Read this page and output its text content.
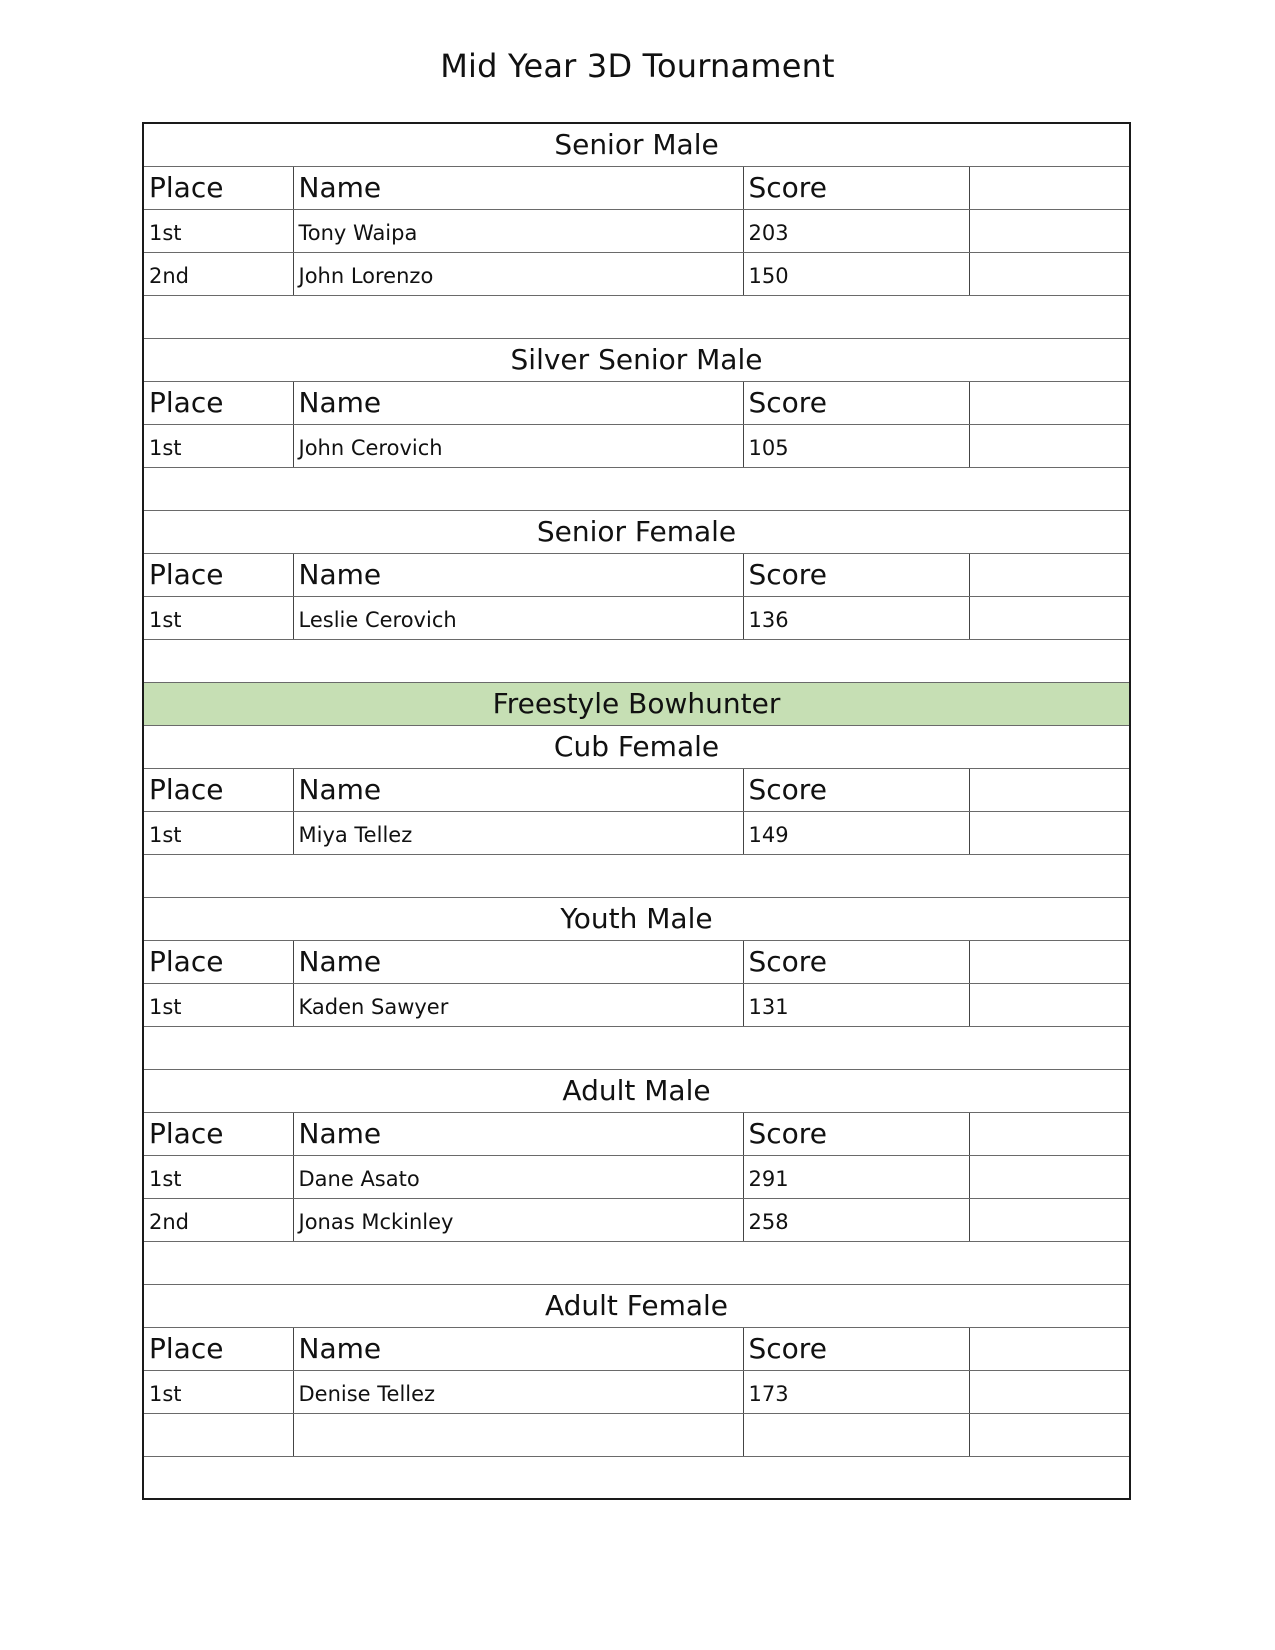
Mid Year 3D Tournament
Senior Male			
Place	Name	Score	
1st	Tony Waipa	203	
2nd	John Lorenzo	150	

Silver Senior Male			
Place	Name	Score	
1st	John Cerovich	105	

Senior Female			
Place	Name	Score	
1st	Leslie Cerovich	136	

Freestyle Bowhunter			
Cub Female			
Place	Name	Score	
1st	Miya Tellez	149	

Youth Male			
Place	Name	Score	
1st	Kaden Sawyer	131	

Adult Male			
Place	Name	Score	
1st	Dane Asato	291	
2nd	Jonas Mckinley	258	

Adult Female			
Place	Name	Score	
1st	Denise Tellez	173	
